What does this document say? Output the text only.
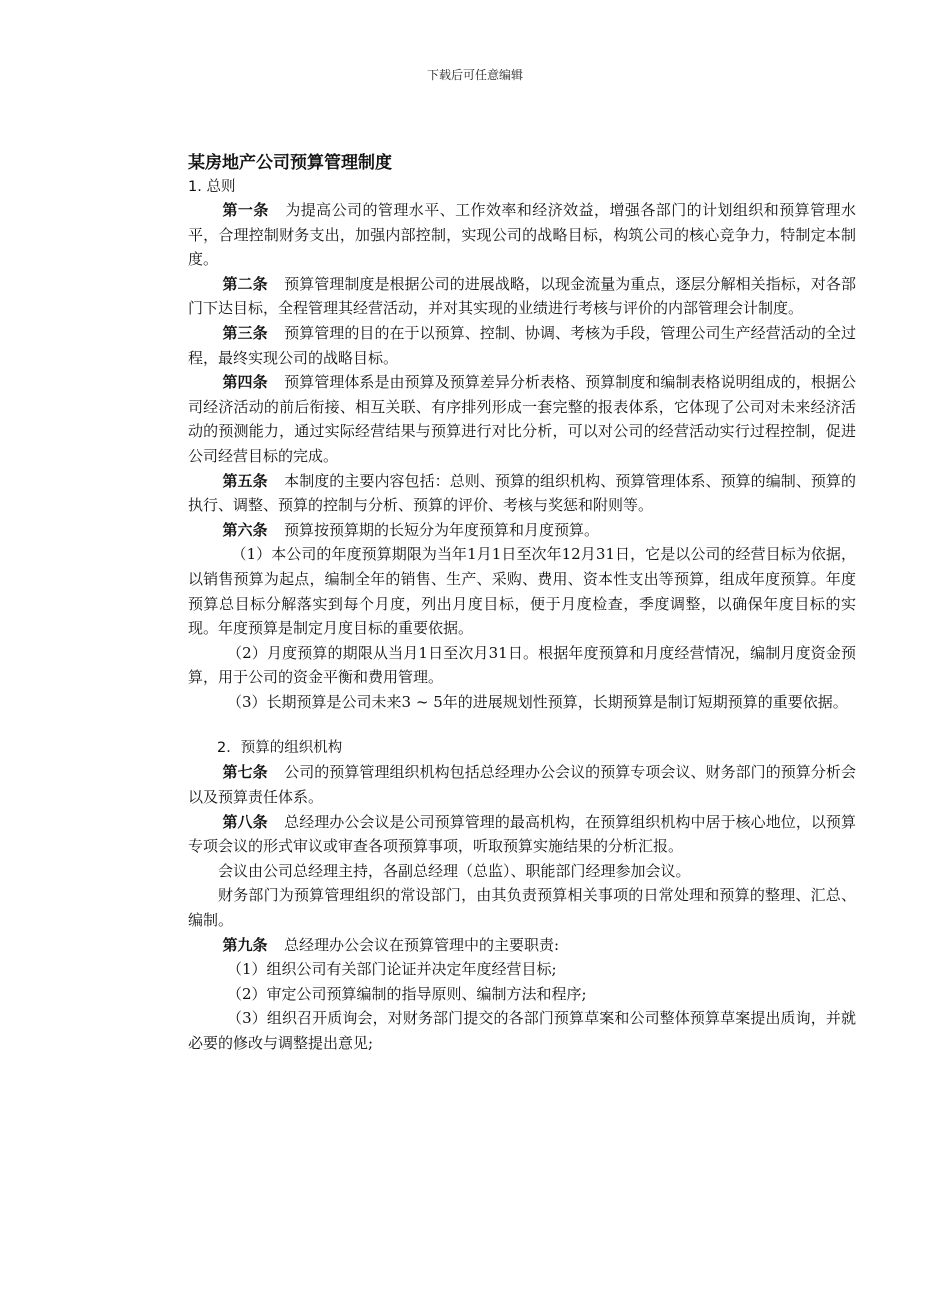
下载后可任意编辑

某房地产公司预算管理制度

1. 总则

第一条 为提高公司的管理水平、工作效率和经济效益，增强各部门的计划组织和预算管理水平，合理控制财务支出，加强内部控制，实现公司的战略目标，构筑公司的核心竞争力，特制定本制度。

第二条 预算管理制度是根据公司的进展战略，以现金流量为重点，逐层分解相关指标，对各部门下达目标，全程管理其经营活动，并对其实现的业绩进行考核与评价的内部管理会计制度。

第三条 预算管理的目的在于以预算、控制、协调、考核为手段，管理公司生产经营活动的全过程，最终实现公司的战略目标。

第四条 预算管理体系是由预算及预算差异分析表格、预算制度和编制表格说明组成的，根据公司经济活动的前后衔接、相互关联、有序排列形成一套完整的报表体系，它体现了公司对未来经济活动的预测能力，通过实际经营结果与预算进行对比分析，可以对公司的经营活动实行过程控制，促进公司经营目标的完成。

第五条 本制度的主要内容包括：总则、预算的组织机构、预算管理体系、预算的编制、预算的执行、调整、预算的控制与分析、预算的评价、考核与奖惩和附则等。

第六条 预算按预算期的长短分为年度预算和月度预算。

（1）本公司的年度预算期限为当年1月1日至次年12月31日，它是以公司的经营目标为依据，以销售预算为起点，编制全年的销售、生产、采购、费用、资本性支出等预算，组成年度预算。年度预算总目标分解落实到每个月度，列出月度目标，便于月度检查，季度调整，以确保年度目标的实现。年度预算是制定月度目标的重要依据。

（2）月度预算的期限从当月1日至次月31日。根据年度预算和月度经营情况，编制月度资金预算，用于公司的资金平衡和费用管理。

（3）长期预算是公司未来3 ~ 5年的进展规划性预算，长期预算是制订短期预算的重要依据。

2．预算的组织机构

第七条 公司的预算管理组织机构包括总经理办公会议的预算专项会议、财务部门的预算分析会以及预算责任体系。

第八条 总经理办公会议是公司预算管理的最高机构，在预算组织机构中居于核心地位，以预算专项会议的形式审议或审查各项预算事项，听取预算实施结果的分析汇报。

会议由公司总经理主持，各副总经理（总监）、职能部门经理参加会议。

财务部门为预算管理组织的常设部门，由其负责预算相关事项的日常处理和预算的整理、汇总、编制。

第九条 总经理办公会议在预算管理中的主要职责:

（1）组织公司有关部门论证并决定年度经营目标;

（2）审定公司预算编制的指导原则、编制方法和程序;

（3）组织召开质询会，对财务部门提交的各部门预算草案和公司整体预算草案提出质询，并就必要的修改与调整提出意见;
